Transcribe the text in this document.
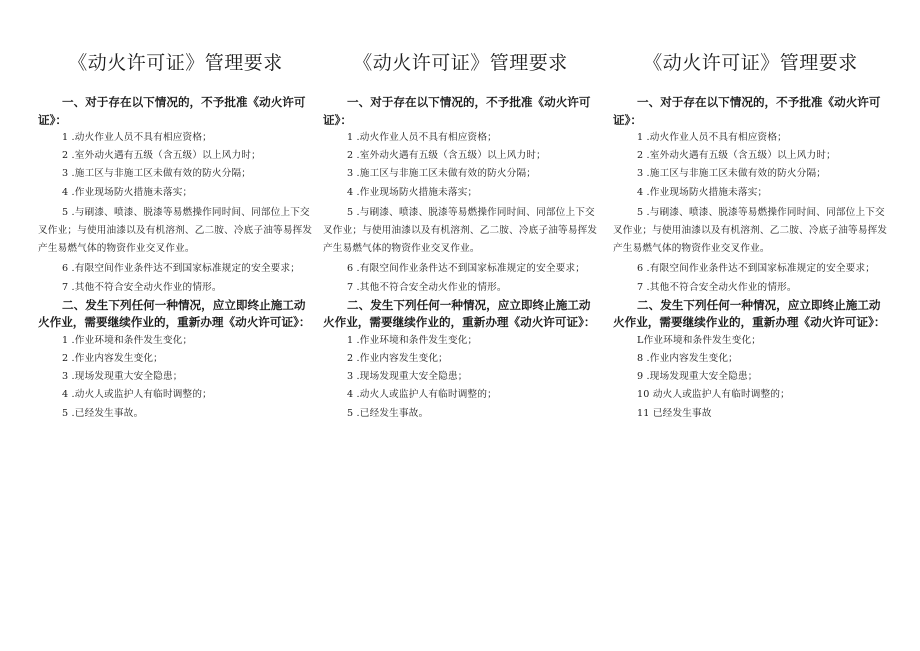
《动火许可证》管理要求

一、对于存在以下情况的，不予批准《动火许可证》：

1 .动火作业人员不具有相应资格；

2 .室外动火遇有五级（含五级）以上风力时；

3 .施工区与非施工区未做有效的防火分隔；

4 .作业现场防火措施未落实；

5 .与刷漆、喷漆、脱漆等易燃操作同时间、同部位上下交叉作业；与使用油漆以及有机溶剂、乙二胺、冷底子油等易挥发产生易燃气体的物资作业交叉作业。

6 .有限空间作业条件达不到国家标准规定的安全要求；

7 .其他不符合安全动火作业的情形。

二、发生下列任何一种情况，应立即终止施工动火作业，需要继续作业的，重新办理《动火许可证》：

1 .作业环境和条件发生变化；

2 .作业内容发生变化；

3 .现场发现重大安全隐患；

4 .动火人或监护人有临时调整的；

5 .已经发生事故。

《动火许可证》管理要求

一、对于存在以下情况的，不予批准《动火许可证》：

1 .动火作业人员不具有相应资格；

2 .室外动火遇有五级（含五级）以上风力时；

3 .施工区与非施工区未做有效的防火分隔；

4 .作业现场防火措施未落实；

5 .与刷漆、喷漆、脱漆等易燃操作同时间、同部位上下交叉作业；与使用油漆以及有机溶剂、乙二胺、冷底子油等易挥发产生易燃气体的物资作业交叉作业。

6 .有限空间作业条件达不到国家标准规定的安全要求；

7 .其他不符合安全动火作业的情形。

二、发生下列任何一种情况，应立即终止施工动火作业，需要继续作业的，重新办理《动火许可证》：

1 .作业环境和条件发生变化；

2 .作业内容发生变化；

3 .现场发现重大安全隐患；

4 .动火人或监护人有临时调整的；

5 .已经发生事故。

《动火许可证》管理要求

一、对于存在以下情况的，不予批准《动火许可证》：

1 .动火作业人员不具有相应资格；

2 .室外动火遇有五级（含五级）以上风力时；

3 .施工区与非施工区未做有效的防火分隔；

4 .作业现场防火措施未落实；

5 .与刷漆、喷漆、脱漆等易燃操作同时间、同部位上下交叉作业；与使用油漆以及有机溶剂、乙二胺、冷底子油等易挥发产生易燃气体的物资作业交叉作业。

6 .有限空间作业条件达不到国家标准规定的安全要求；

7 .其他不符合安全动火作业的情形。

二、发生下列任何一种情况，应立即终止施工动火作业，需要继续作业的，重新办理《动火许可证》：

L作业环境和条件发生变化；

8 .作业内容发生变化；

9 .现场发现重大安全隐患；

10 动火人或监护人有临时调整的；

11 已经发生事故
